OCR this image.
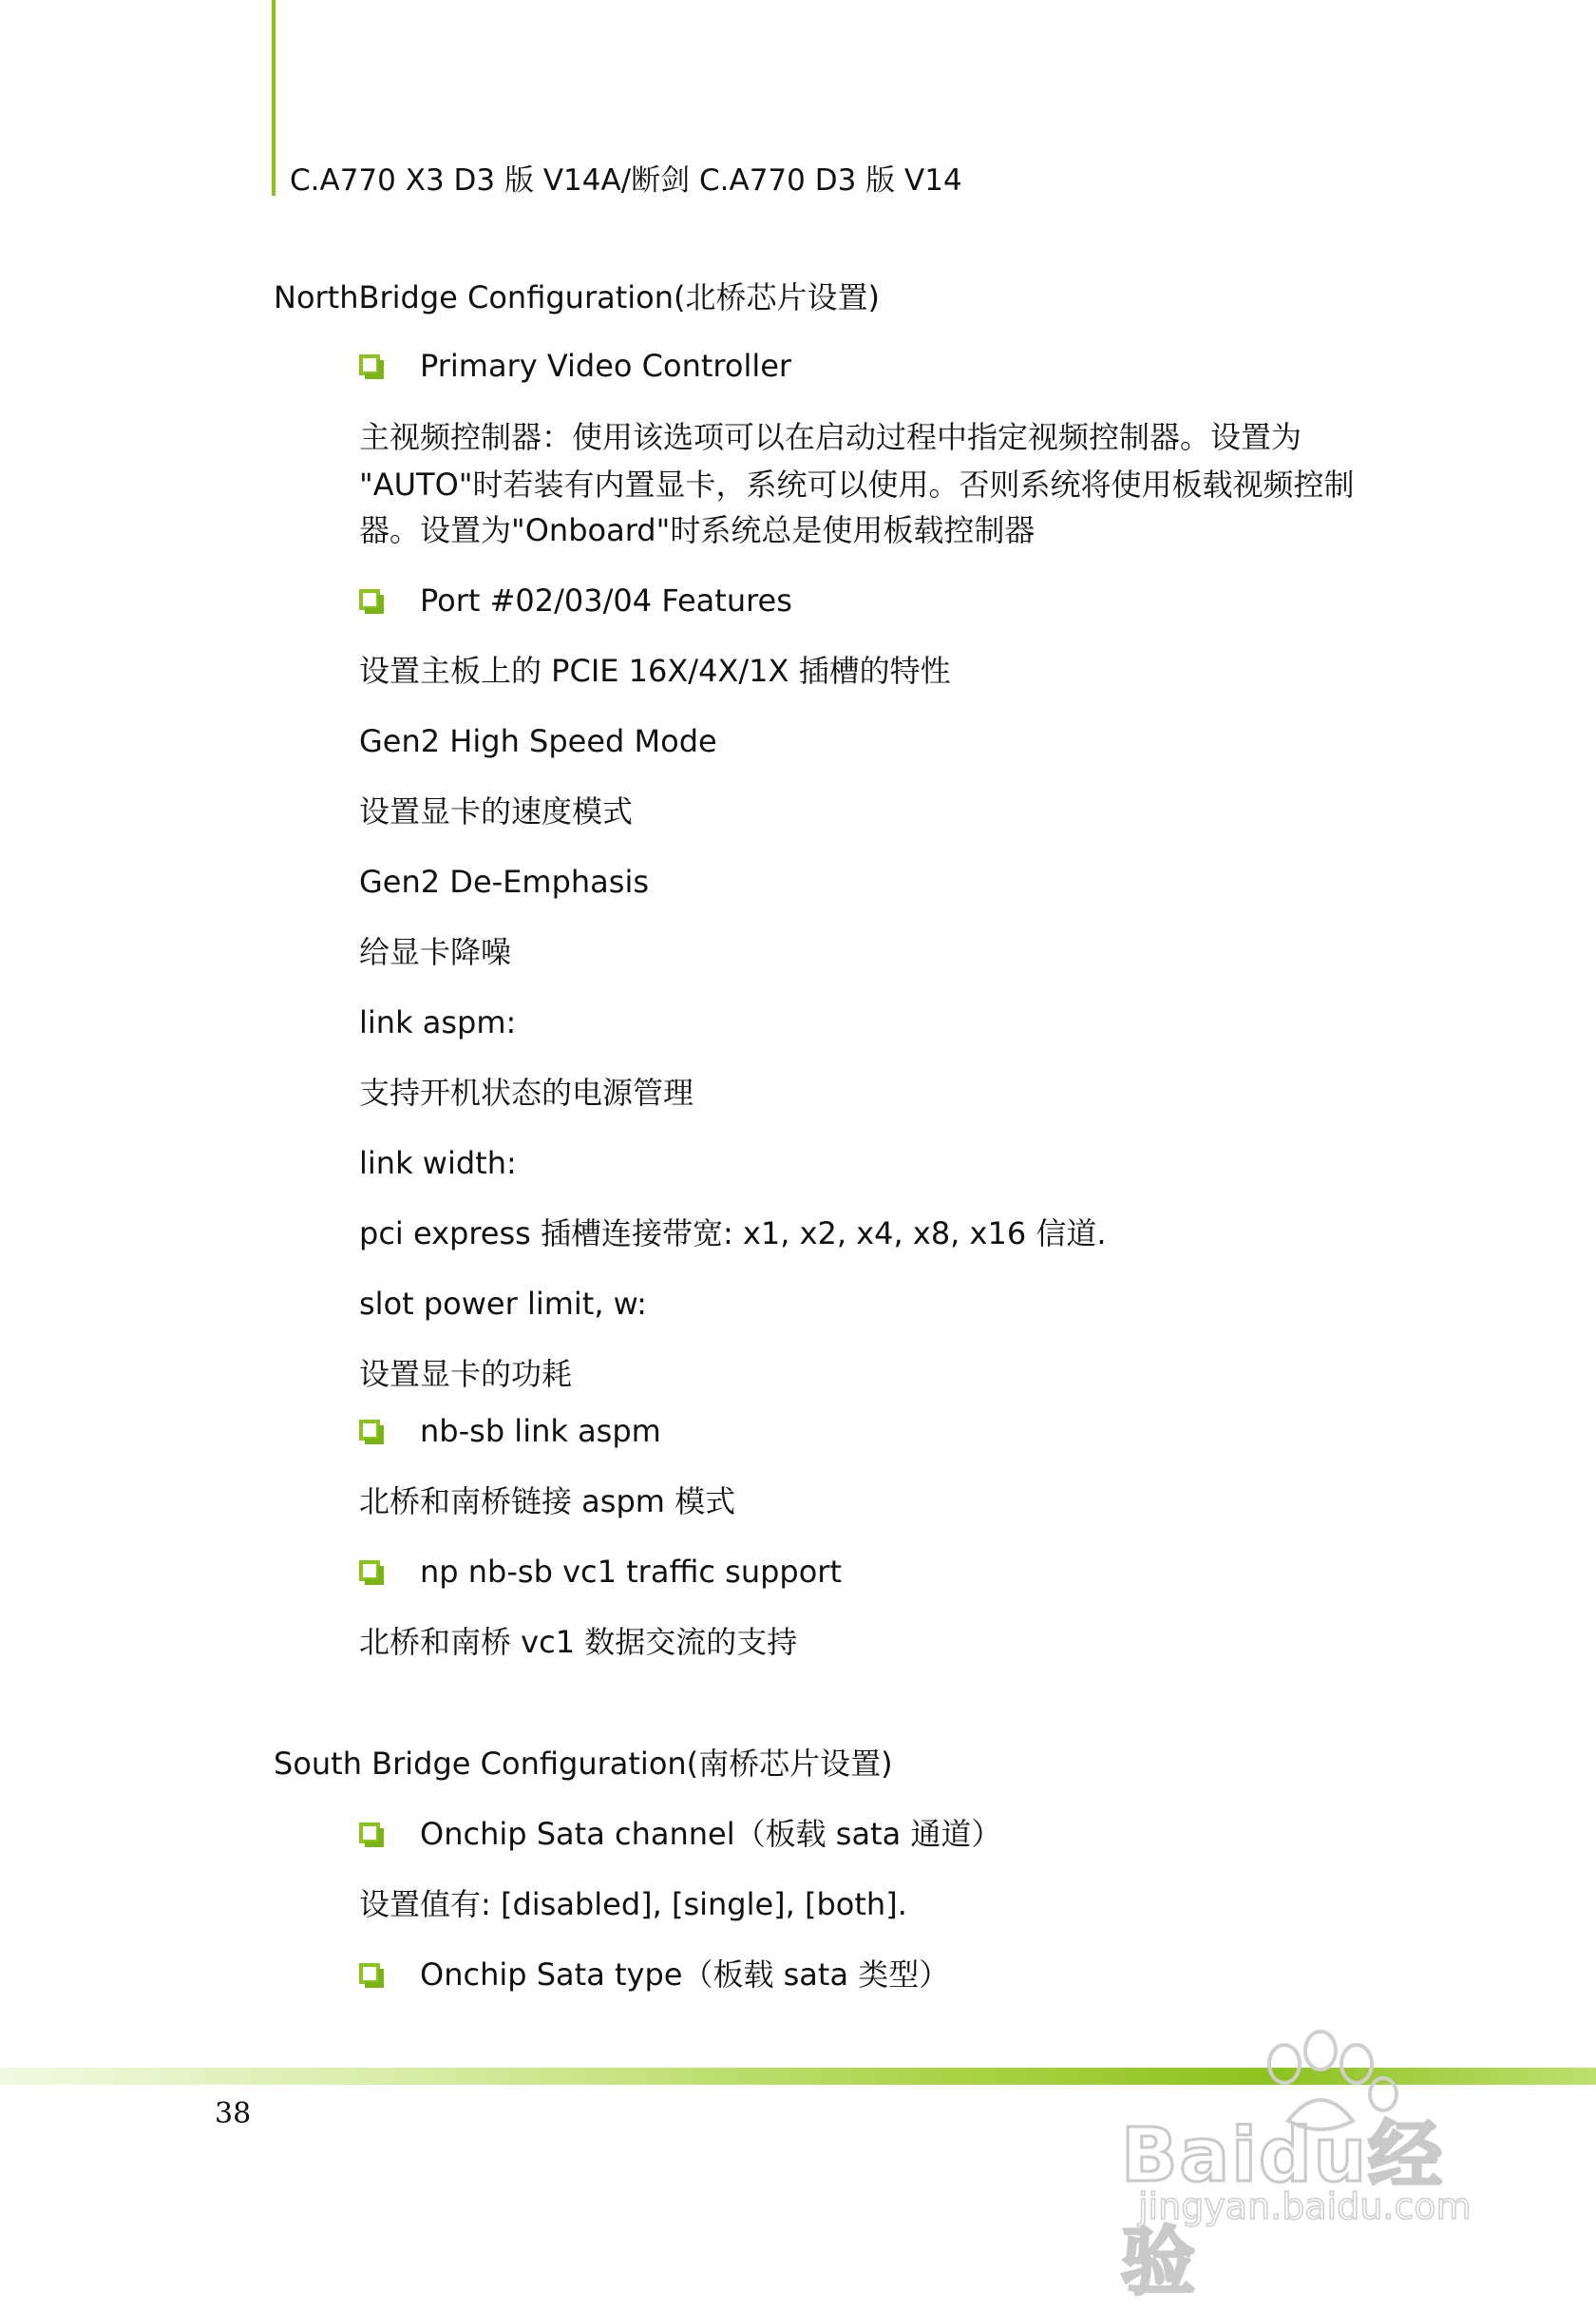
C.A770 X3 D3 版 V14A/断剑 C.A770 D3 版 V14
NorthBridge Configuration(北桥芯片设置)
Primary Video Controller
主视频控制器：使用该选项可以在启动过程中指定视频控制器。设置为
"AUTO"时若装有内置显卡，系统可以使用。否则系统将使用板载视频控制
器。设置为"Onboard"时系统总是使用板载控制器
Port #02/03/04 Features
设置主板上的 PCIE 16X/4X/1X 插槽的特性
Gen2 High Speed Mode
设置显卡的速度模式
Gen2 De-Emphasis
给显卡降噪
link aspm:
支持开机状态的电源管理
link width:
pci express 插槽连接带宽: x1, x2, x4, x8, x16 信道.
slot power limit, w:
设置显卡的功耗
nb-sb link aspm
北桥和南桥链接 aspm 模式
np nb-sb vc1 traffic support
北桥和南桥 vc1 数据交流的支持
South Bridge Configuration(南桥芯片设置)
Onchip Sata channel（板载 sata 通道）
设置值有: [disabled], [single], [both].
Onchip Sata type（板载 sata 类型）
38	Baidu经验
jingyan.baidu.com
